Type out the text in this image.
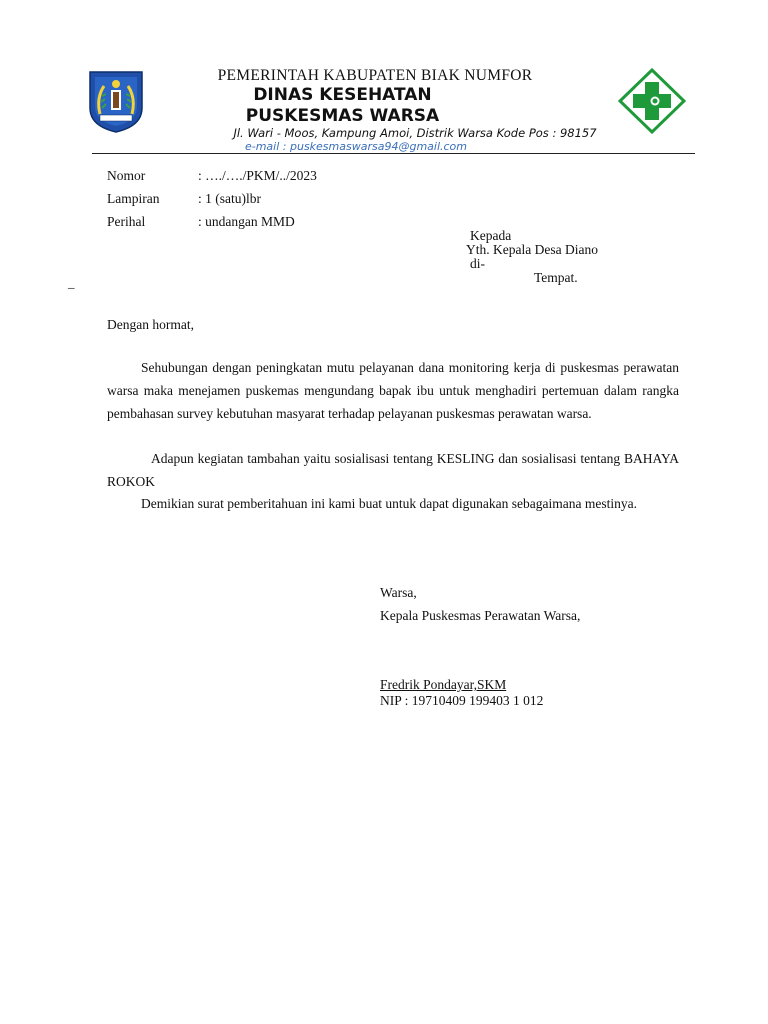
PEMERINTAH KABUPATEN BIAK NUMFOR
DINAS KESEHATAN
PUSKESMAS WARSA
Jl. Wari - Moos, Kampung Amoi, Distrik Warsa Kode Pos : 98157
e-mail : puskesmaswarsa94@gmail.com
Nomor	: …./…./PKM/../2023
Lampiran	: 1 (satu)lbr
Perihal	: undangan MMD
Kepada
Yth. Kepala Desa Diano
di-
Tempat.
_
Dengan hormat,
Sehubungan dengan peningkatan mutu pelayanan dana monitoring kerja di puskesmas perawatan warsa maka menejamen puskemas mengundang bapak ibu untuk menghadiri pertemuan dalam rangka pembahasan survey kebutuhan masyarat terhadap pelayanan puskesmas perawatan warsa.
Adapun kegiatan tambahan yaitu sosialisasi tentang KESLING dan sosialisasi tentang BAHAYA ROKOK
Demikian surat pemberitahuan ini kami buat untuk dapat digunakan sebagaimana mestinya.
Warsa,
Kepala Puskesmas Perawatan Warsa,
Fredrik Pondayar,SKM
NIP : 19710409 199403 1 012
